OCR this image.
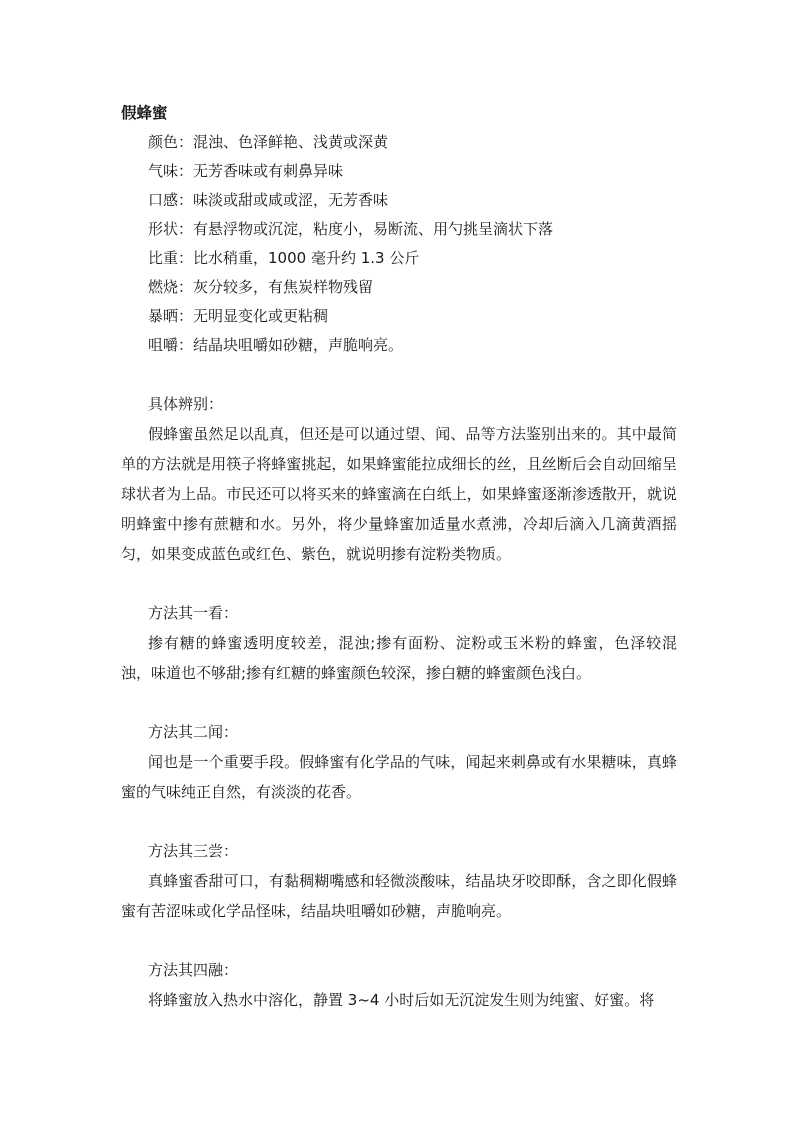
假蜂蜜

颜色：混浊、色泽鲜艳、浅黄或深黄

气味：无芳香味或有刺鼻异味

口感：味淡或甜或咸或涩，无芳香味

形状：有悬浮物或沉淀，粘度小，易断流、用勺挑呈滴状下落

比重：比水稍重，1000 毫升约 1.3 公斤

燃烧：灰分较多，有焦炭样物残留

暴晒：无明显变化或更粘稠

咀嚼：结晶块咀嚼如砂糖，声脆响亮。

具体辨别：

假蜂蜜虽然足以乱真，但还是可以通过望、闻、品等方法鉴别出来的。其中最简单的方法就是用筷子将蜂蜜挑起，如果蜂蜜能拉成细长的丝，且丝断后会自动回缩呈球状者为上品。市民还可以将买来的蜂蜜滴在白纸上，如果蜂蜜逐渐渗透散开，就说明蜂蜜中掺有蔗糖和水。另外，将少量蜂蜜加适量水煮沸，冷却后滴入几滴黄酒摇匀，如果变成蓝色或红色、紫色，就说明掺有淀粉类物质。

方法其一看：

掺有糖的蜂蜜透明度较差，混浊;掺有面粉、淀粉或玉米粉的蜂蜜，色泽较混浊，味道也不够甜;掺有红糖的蜂蜜颜色较深，掺白糖的蜂蜜颜色浅白。

方法其二闻：

闻也是一个重要手段。假蜂蜜有化学品的气味，闻起来刺鼻或有水果糖味，真蜂蜜的气味纯正自然，有淡淡的花香。

方法其三尝：

真蜂蜜香甜可口，有黏稠糊嘴感和轻微淡酸味，结晶块牙咬即酥，含之即化假蜂蜜有苦涩味或化学品怪味，结晶块咀嚼如砂糖，声脆响亮。

方法其四融：

将蜂蜜放入热水中溶化，静置 3~4 小时后如无沉淀发生则为纯蜜、好蜜。将
